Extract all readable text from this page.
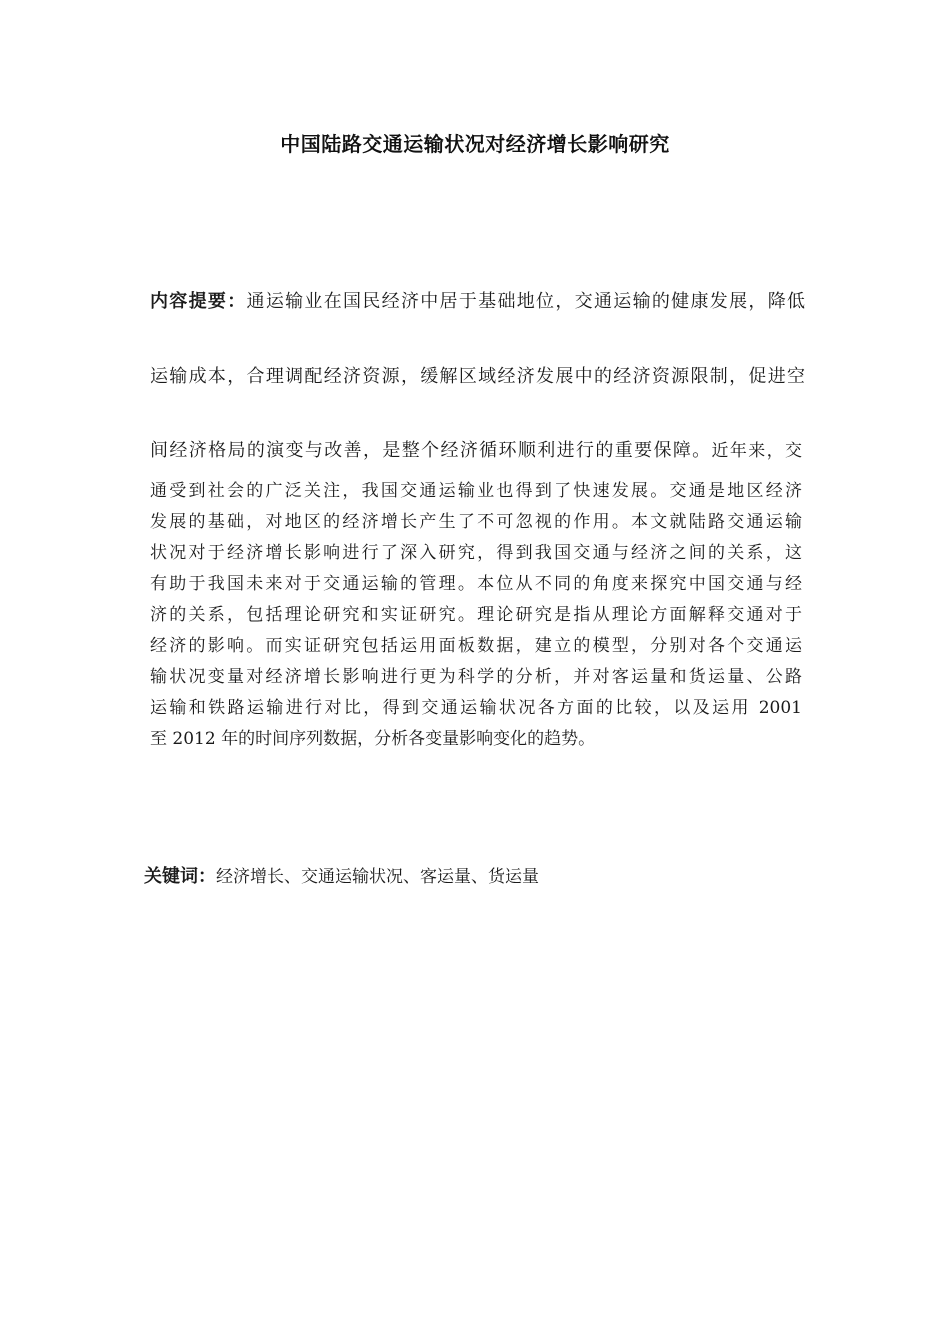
中国陆路交通运输状况对经济增长影响研究
内容提要：通运输业在国民经济中居于基础地位，交通运输的健康发展，降低
运输成本，合理调配经济资源，缓解区域经济发展中的经济资源限制，促进空
间经济格局的演变与改善，是整个经济循环顺利进行的重要保障。近年来，交
通受到社会的广泛关注，我国交通运输业也得到了快速发展。交通是地区经济
发展的基础，对地区的经济增长产生了不可忽视的作用。本文就陆路交通运输
状况对于经济增长影响进行了深入研究，得到我国交通与经济之间的关系，这
有助于我国未来对于交通运输的管理。本位从不同的角度来探究中国交通与经
济的关系，包括理论研究和实证研究。理论研究是指从理论方面解释交通对于
经济的影响。而实证研究包括运用面板数据，建立的模型，分别对各个交通运
输状况变量对经济增长影响进行更为科学的分析，并对客运量和货运量、公路
运输和铁路运输进行对比，得到交通运输状况各方面的比较，以及运用 2001
至 2012 年的时间序列数据，分析各变量影响变化的趋势。
关键词：经济增长、交通运输状况、客运量、货运量
